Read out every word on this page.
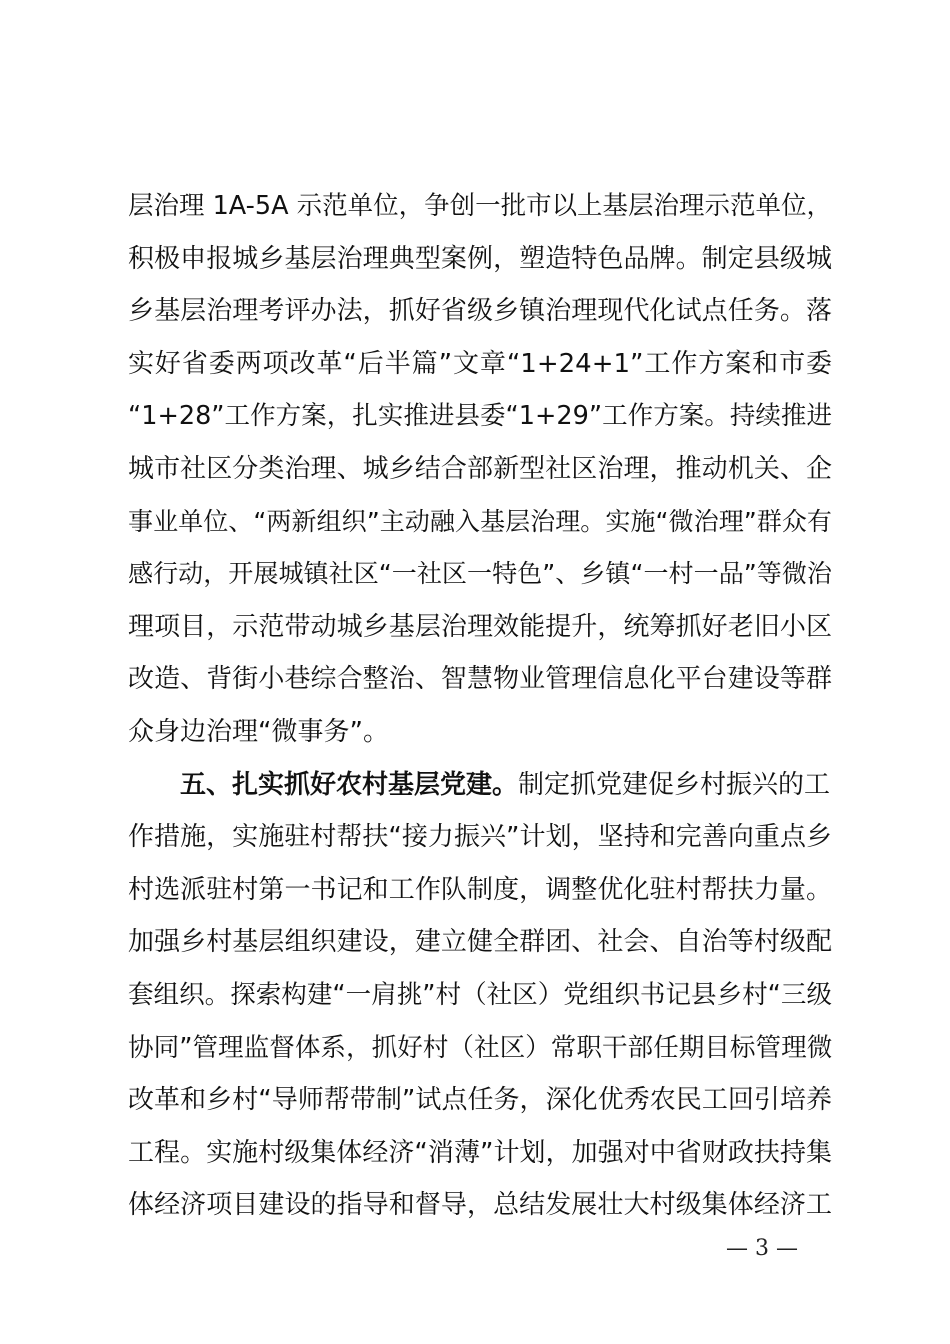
层治理 1A-5A 示范单位，争创一批市以上基层治理示范单位，
积极申报城乡基层治理典型案例，塑造特色品牌。制定县级城
乡基层治理考评办法，抓好省级乡镇治理现代化试点任务。落
实好省委两项改革“后半篇”文章“1+24+1”工作方案和市委
“1+28”工作方案，扎实推进县委“1+29”工作方案。持续推进
城市社区分类治理、城乡结合部新型社区治理，推动机关、企
事业单位、“两新组织”主动融入基层治理。实施“微治理”群众有
感行动，开展城镇社区“一社区一特色”、乡镇“一村一品”等微治
理项目，示范带动城乡基层治理效能提升，统筹抓好老旧小区
改造、背街小巷综合整治、智慧物业管理信息化平台建设等群
众身边治理“微事务”。
五、扎实抓好农村基层党建。制定抓党建促乡村振兴的工
作措施，实施驻村帮扶“接力振兴”计划，坚持和完善向重点乡
村选派驻村第一书记和工作队制度，调整优化驻村帮扶力量。
加强乡村基层组织建设，建立健全群团、社会、自治等村级配
套组织。探索构建“一肩挑”村（社区）党组织书记县乡村“三级
协同”管理监督体系，抓好村（社区）常职干部任期目标管理微
改革和乡村“导师帮带制”试点任务，深化优秀农民工回引培养
工程。实施村级集体经济“消薄”计划，加强对中省财政扶持集
体经济项目建设的指导和督导，总结发展壮大村级集体经济工
— 3 —
